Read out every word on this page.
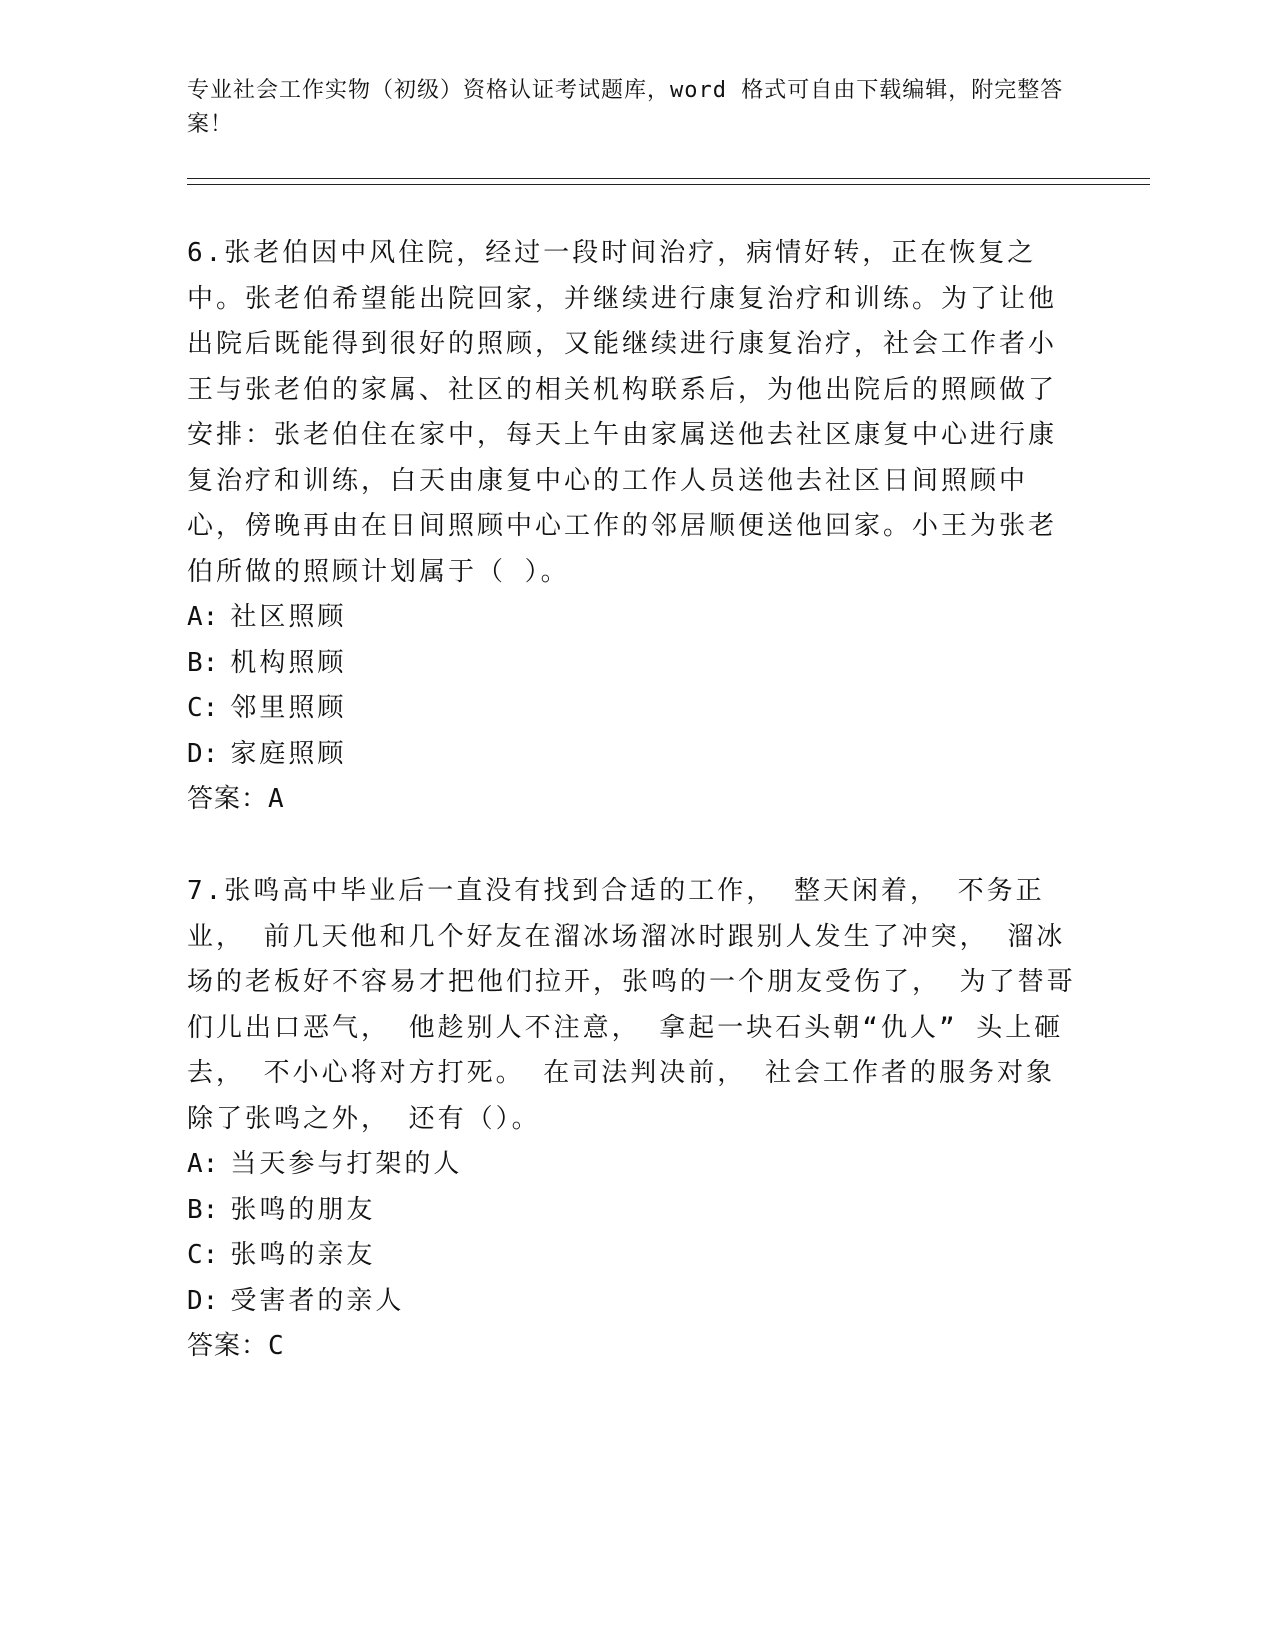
专业社会工作实物（初级）资格认证考试题库，word 格式可自由下载编辑，附完整答案！

6.张老伯因中风住院，经过一段时间治疗，病情好转，正在恢复之中。张老伯希望能出院回家，并继续进行康复治疗和训练。为了让他出院后既能得到很好的照顾，又能继续进行康复治疗，社会工作者小王与张老伯的家属、社区的相关机构联系后，为他出院后的照顾做了安排：张老伯住在家中，每天上午由家属送他去社区康复中心进行康复治疗和训练，白天由康复中心的工作人员送他去社区日间照顾中心，傍晚再由在日间照顾中心工作的邻居顺便送他回家。小王为张老伯所做的照顾计划属于（ ）。

A: 社区照顾

B: 机构照顾

C: 邻里照顾

D: 家庭照顾

答案：A

7.张鸣高中毕业后一直没有找到合适的工作， 整天闲着， 不务正业， 前几天他和几个好友在溜冰场溜冰时跟别人发生了冲突， 溜冰场的老板好不容易才把他们拉开，张鸣的一个朋友受伤了， 为了替哥们儿出口恶气， 他趁别人不注意， 拿起一块石头朝“仇人” 头上砸去， 不小心将对方打死。 在司法判决前， 社会工作者的服务对象除了张鸣之外， 还有（）。

A: 当天参与打架的人

B: 张鸣的朋友

C: 张鸣的亲友

D: 受害者的亲人

答案：C
